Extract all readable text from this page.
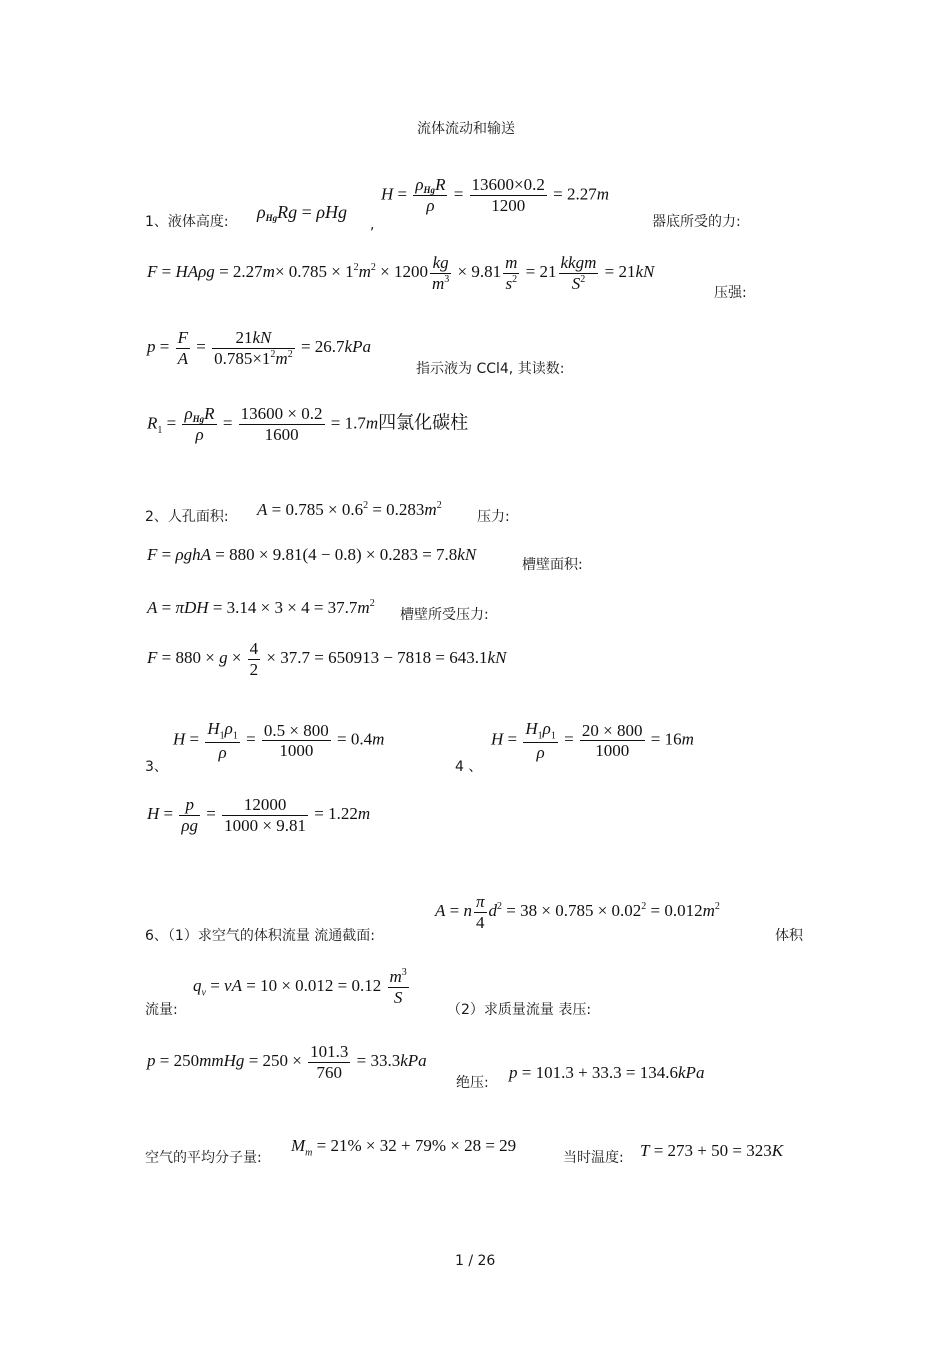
流体流动和输送
1、液体高度: $\rho_{Hg}Rg = \rho Hg$
,
$H = \frac{\rho_{Hg}R}{\rho} = \frac{13600\times 0.2}{1200} = 2.27m$
器底所受的力:
$F = HA\rho g = 2.27m\times 0.785 \times 1^2m^2 \times 1200 \frac{kg}{m^3} \times 9.81 \frac{m}{s^2} = 21 \frac{\text{kkgm}}{S^2} = 21kN$
压强:
$p = \frac{F}{A} = \frac{21kN}{0.785\times 1^2m^2} = 26.7kPa$
指示液为 CCl4, 其读数:
$R_1 = \frac{\rho_{Hg}R}{\rho} = \frac{13600 \times 0.2}{1600} = 1.7m$四氯化碳柱
2、人孔面积: $A = 0.785 \times 0.6^2 = 0.283m^2$
压力:
F = ρghA = 880 × 9.81(4 − 0.8) × 0.283 = 7.8kN
槽壁面积:
$A = \pi DH = 3.14 \times 3 \times 4 = 37.7m^2$
槽壁所受压力:
$F = 880 \times g \times \frac{4}{2} \times 37.7 = 650913 - 7818 = 643.1kN$
3、
$H = \frac{H_1\rho_1}{\rho} = \frac{0.5 \times 800}{1000} = 0.4m$
4 、
$H = \frac{H_1\rho_1}{\rho} = \frac{20 \times 800}{1000} = 16m$
$H = \frac{p}{\rho g} = \frac{12000}{1000 \times 9.81} = 1.22m$
6、（1）求空气的体积流量 流通截面:
A = n $\frac{\pi}{4} d^2 = 38 \times 0.785 \times 0.02^2 = 0.012m^2$
体积
流量:
$q_v$ = vA = $10 \times 0.012 = 0.12 \frac{m^3}{S}$
（2）求质量流量 表压:
p = 250mmHg = $250 \times \frac{101.3}{760} = 33.3kPa$
绝压:
p = 101.3 + 33.3 = 134.6kPa
空气的平均分子量:
$M_m = 21\% \times 32 + 79\% \times 28 = 29$
当时温度: T = 273 + 50 = 323K
1 / 26
